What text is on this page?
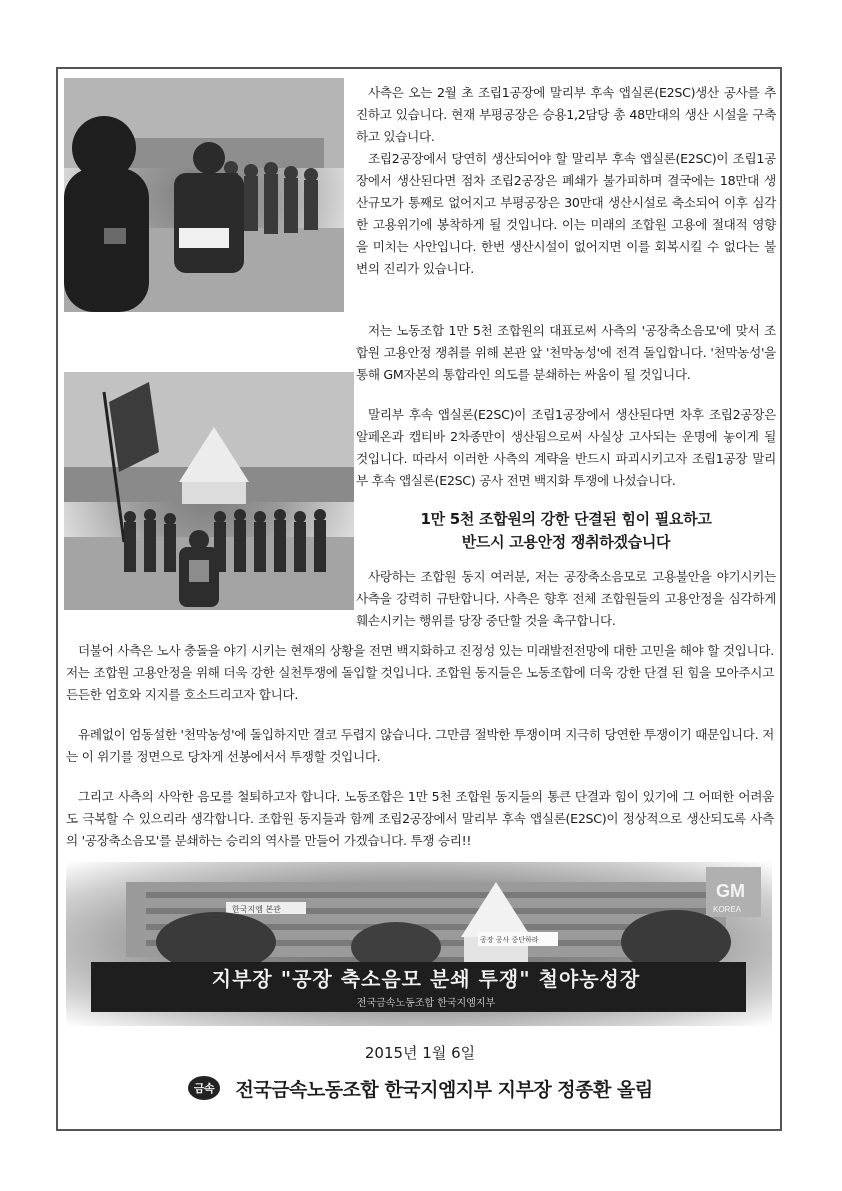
GM
KOREA
한국지엠 본관
공장 공사 중단하라
지부장 "공장 축소음모 분쇄 투쟁" 철야농성장
전국금속노동조합 한국지엠지부

사측은 오는 2월 초 조립1공장에 말리부 후속 앱실론(E2SC)생산 공사를 추진하고 있습니다. 현재 부평공장은 승용1,2담당 총 48만대의 생산 시설을 구축하고 있습니다.

조립2공장에서 당연히 생산되어야 할 말리부 후속 앱실론(E2SC)이 조립1공장에서 생산된다면 점차 조립2공장은 폐쇄가 불가피하며 결국에는 18만대 생산규모가 통째로 없어지고 부평공장은 30만대 생산시설로 축소되어 이후 심각한 고용위기에 봉착하게 될 것입니다. 이는 미래의 조합원 고용에 절대적 영향을 미치는 사안입니다. 한번 생산시설이 없어지면 이를 회복시킬 수 없다는 불변의 진리가 있습니다.

저는 노동조합 1만 5천 조합원의 대표로써 사측의 '공장축소음모'에 맞서 조합원 고용안정 쟁취를 위해 본관 앞 '천막농성'에 전격 돌입합니다. '천막농성'을 통해 GM자본의 통합라인 의도를 분쇄하는 싸움이 될 것입니다.

말리부 후속 앱실론(E2SC)이 조립1공장에서 생산된다면 차후 조립2공장은 알페온과 캡티바 2차종만이 생산됨으로써 사실상 고사되는 운명에 놓이게 될 것입니다. 따라서 이러한 사측의 계략을 반드시 파괴시키고자 조립1공장 말리부 후속 앱실론(E2SC) 공사 전면 백지화 투쟁에 나섰습니다.

1만 5천 조합원의 강한 단결된 힘이 필요하고
반드시 고용안정 쟁취하겠습니다

사랑하는 조합원 동지 여러분, 저는 공장축소음모로 고용불안을 야기시키는 사측을 강력히 규탄합니다. 사측은 향후 전체 조합원들의 고용안정을 심각하게 훼손시키는 행위를 당장 중단할 것을 촉구합니다.

더불어 사측은 노사 충돌을 야기 시키는 현재의 상황을 전면 백지화하고 진정성 있는 미래발전전망에 대한 고민을 해야 할 것입니다. 저는 조합원 고용안정을 위해 더욱 강한 실천투쟁에 돌입할 것입니다. 조합원 동지들은 노동조합에 더욱 강한 단결 된 힘을 모아주시고 든든한 엄호와 지지를 호소드리고자 합니다.

유례없이 엄동설한 '천막농성'에 돌입하지만 결코 두렵지 않습니다. 그만큼 절박한 투쟁이며 지극히 당연한 투쟁이기 때문입니다. 저는 이 위기를 정면으로 당차게 선봉에서서 투쟁할 것입니다.

그리고 사측의 사악한 음모를 철퇴하고자 합니다. 노동조합은 1만 5천 조합원 동지들의 통큰 단결과 힘이 있기에 그 어떠한 어려움도 극복할 수 있으리라 생각합니다. 조합원 동지들과 함께 조립2공장에서 말리부 후속 앱실론(E2SC)이 정상적으로 생산되도록 사측의 '공장축소음모'를 분쇄하는 승리의 역사를 만들어 가겠습니다. 투쟁 승리!!

2015년 1월 6일
금속 전국금속노동조합 한국지엠지부 지부장 정종환 올림
